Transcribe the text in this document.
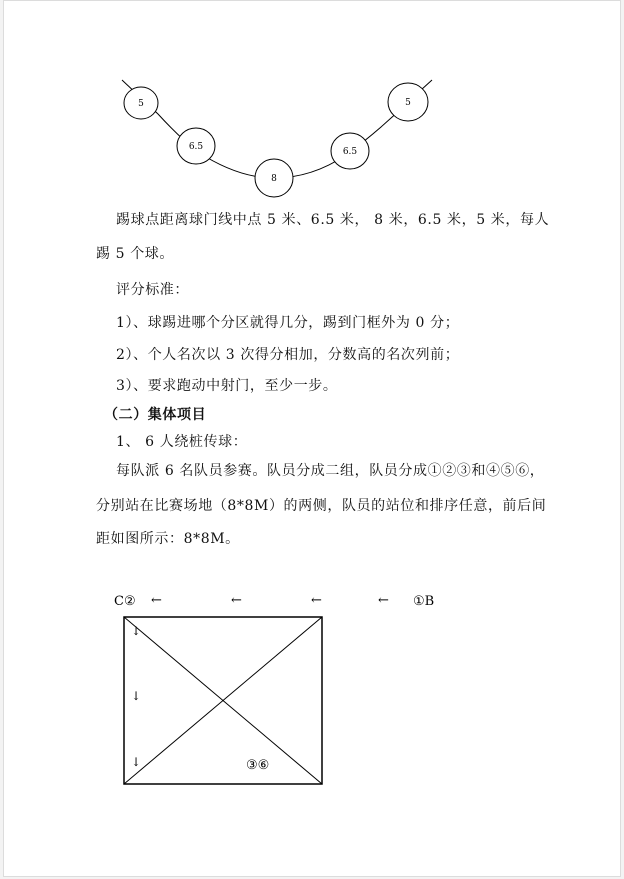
5
6.5
8
6.5
5

踢球点距离球门线中点 5 米、6.5 米， 8 米，6.5 米，5 米，每人

踢 5 个球。

评分标准：

1）、球踢进哪个分区就得几分，踢到门框外为 0 分；

2）、个人名次以 3 次得分相加，分数高的名次列前；

3）、要求跑动中射门，至少一步。

（二）集体项目

1、 6 人绕桩传球：

每队派 6 名队员参赛。队员分成二组，队员分成①②③和④⑤⑥，

分别站在比赛场地（8*8M）的两侧，队员的站位和排序任意，前后间

距如图所示：8*8M。

C② ←	←	←	← ①B
↓
↓
↓	③⑥
